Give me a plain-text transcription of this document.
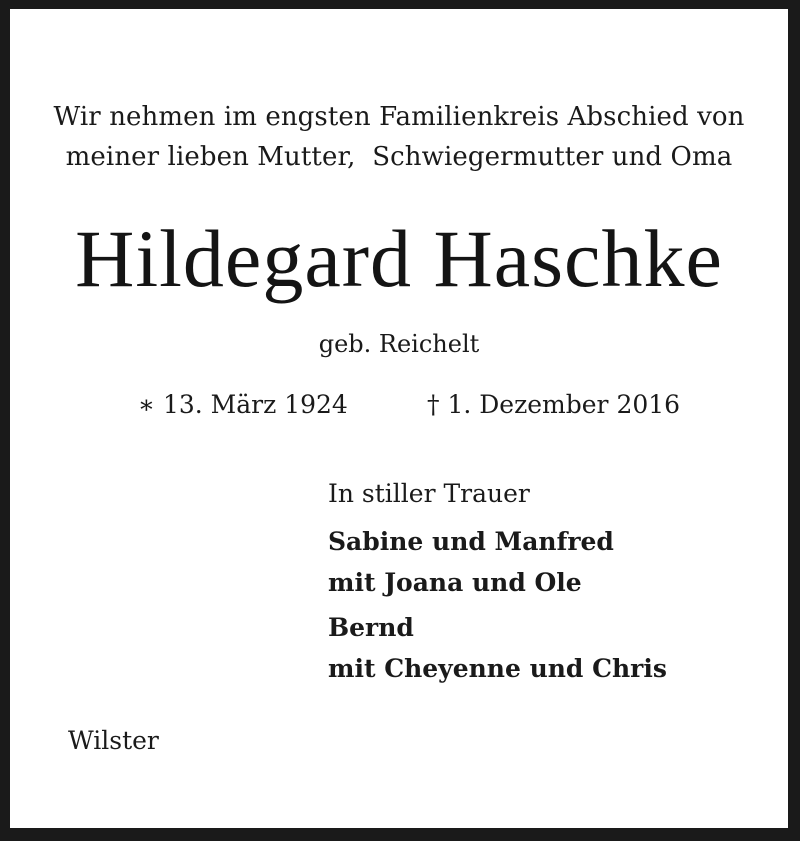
Wir nehmen im engsten Familienkreis Abschied von
meiner lieben Mutter,  Schwiegermutter und Oma
Hildegard Haschke
geb. Reichelt
∗ 13. März 1924	† 1. Dezember 2016
In stiller Trauer
Sabine und Manfred
mit Joana und Ole
Bernd
mit Cheyenne und Chris
Wilster
